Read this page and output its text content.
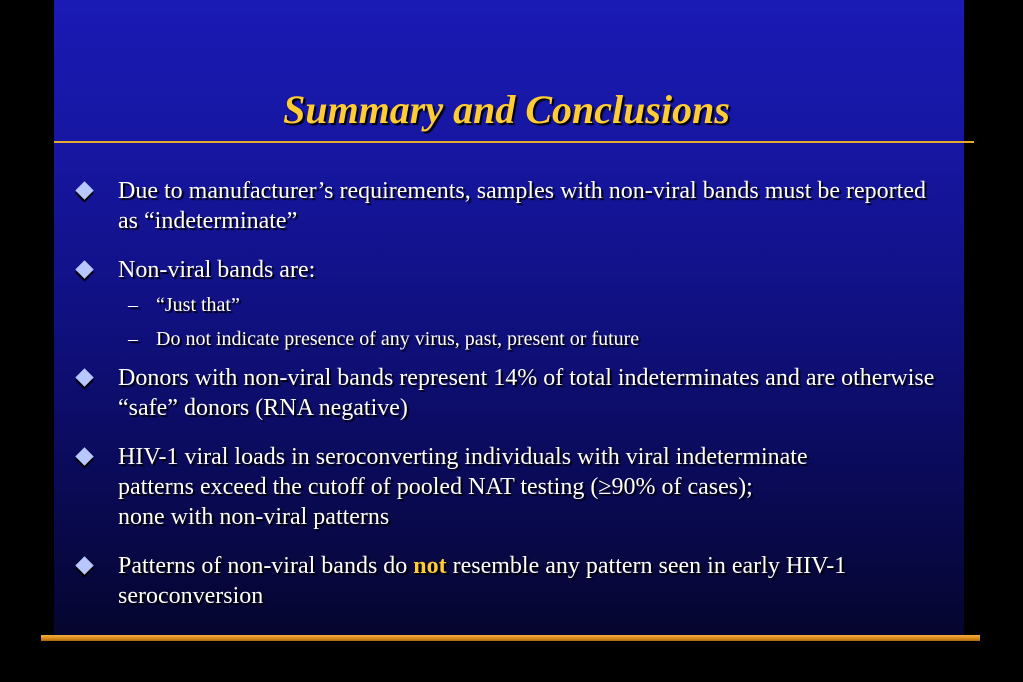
Summary and Conclusions
Due to manufacturer’s requirements, samples with non-viral bands must be reported as “indeterminate”
Non-viral bands are:
– “Just that”
– Do not indicate presence of any virus, past, present or future
Donors with non-viral bands represent 14% of total indeterminates and are otherwise “safe” donors (RNA negative)
HIV-1 viral loads in seroconverting individuals with viral indeterminate
patterns exceed the cutoff of pooled NAT testing (≥90% of cases);
none with non-viral patterns
Patterns of non-viral bands do not resemble any pattern seen in early HIV-1 seroconversion
